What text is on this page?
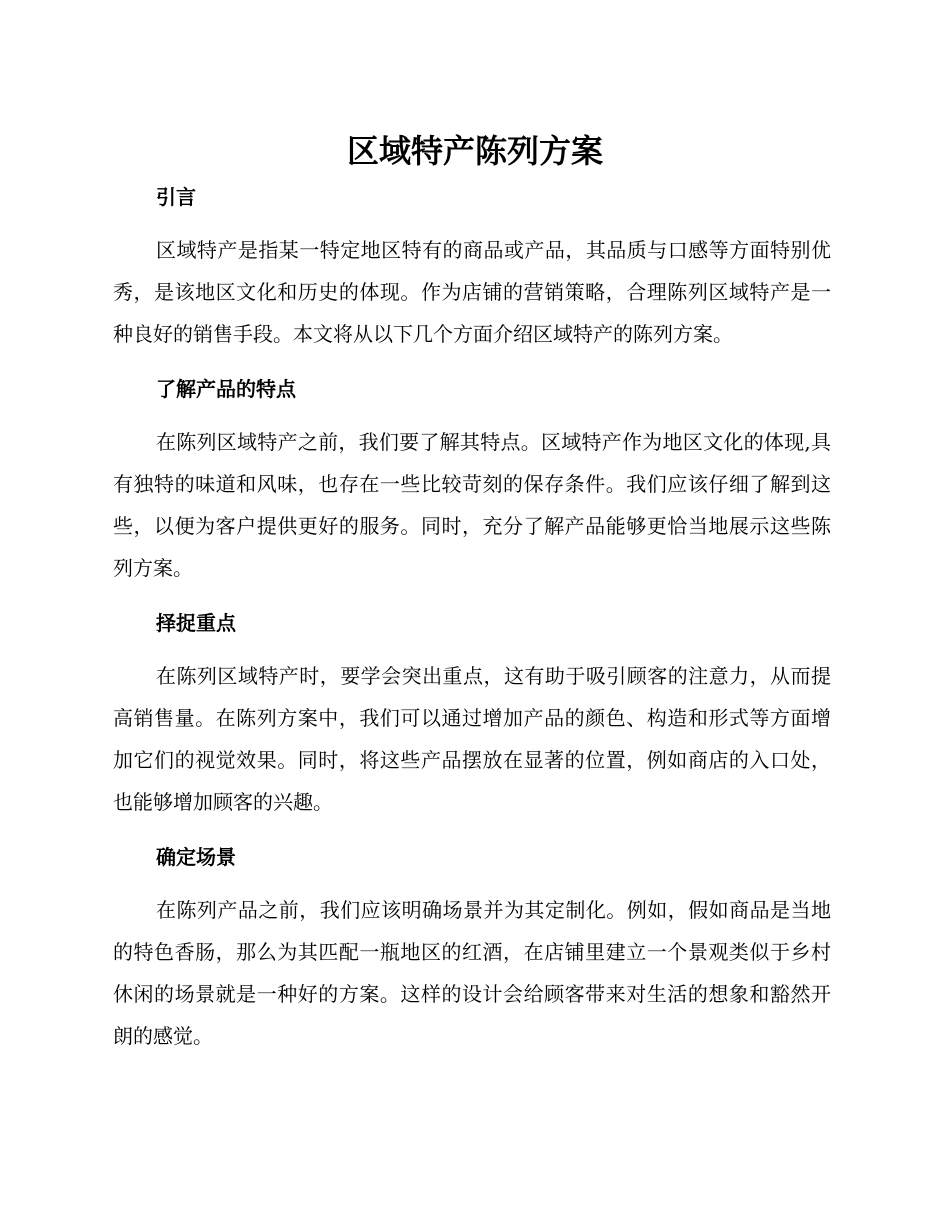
区域特产陈列方案
引言

区域特产是指某一特定地区特有的商品或产品，其品质与口感等方面特别优秀，是该地区文化和历史的体现。作为店铺的营销策略，合理陈列区域特产是一种良好的销售手段。本文将从以下几个方面介绍区域特产的陈列方案。

了解产品的特点

在陈列区域特产之前，我们要了解其特点。区域特产作为地区文化的体现,具有独特的味道和风味，也存在一些比较苛刻的保存条件。我们应该仔细了解到这些，以便为客户提供更好的服务。同时，充分了解产品能够更恰当地展示这些陈列方案。

择捉重点

在陈列区域特产时，要学会突出重点，这有助于吸引顾客的注意力，从而提高销售量。在陈列方案中，我们可以通过增加产品的颜色、构造和形式等方面增加它们的视觉效果。同时，将这些产品摆放在显著的位置，例如商店的入口处，也能够增加顾客的兴趣。

确定场景

在陈列产品之前，我们应该明确场景并为其定制化。例如，假如商品是当地的特色香肠，那么为其匹配一瓶地区的红酒，在店铺里建立一个景观类似于乡村休闲的场景就是一种好的方案。这样的设计会给顾客带来对生活的想象和豁然开朗的感觉。
